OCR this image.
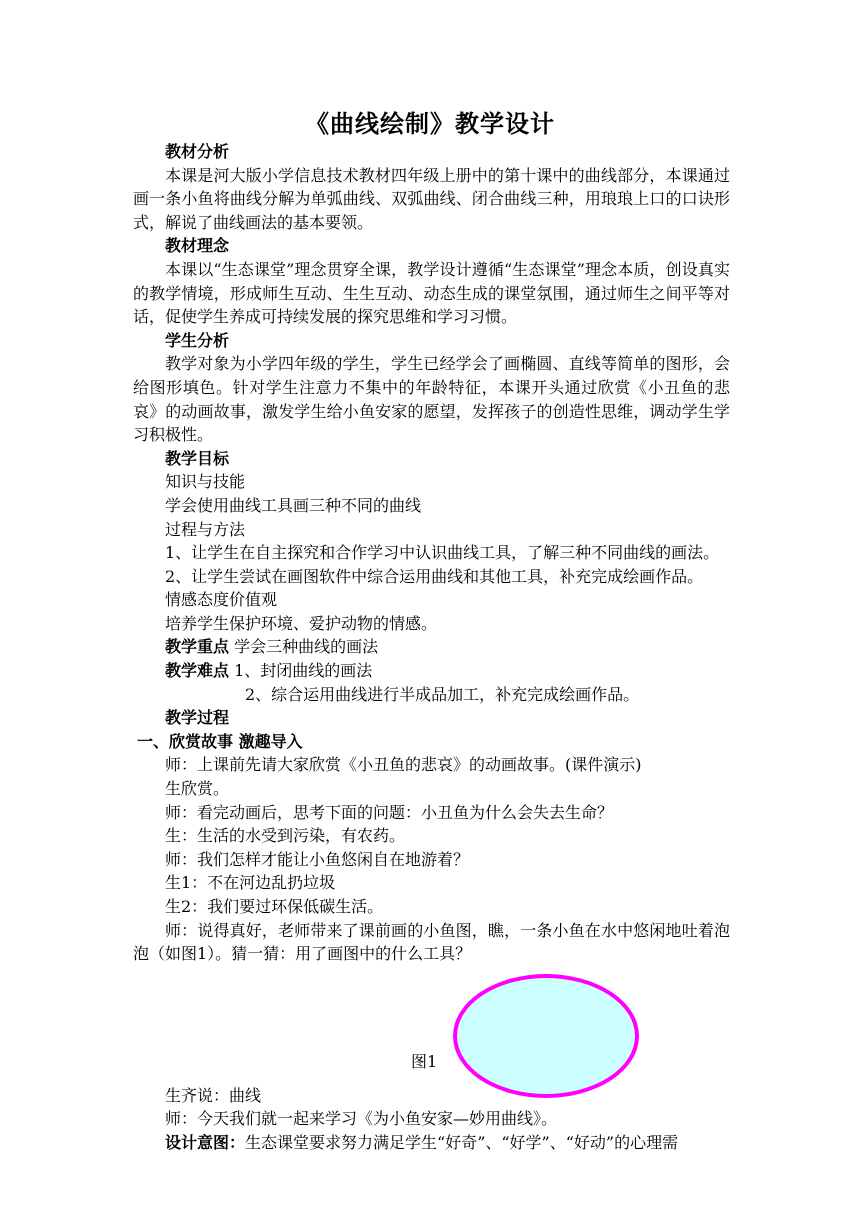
《曲线绘制》教学设计

教材分析

本课是河大版小学信息技术教材四年级上册中的第十课中的曲线部分，本课通过画一条小鱼将曲线分解为单弧曲线、双弧曲线、闭合曲线三种，用琅琅上口的口诀形式，解说了曲线画法的基本要领。

教材理念

本课以“生态课堂”理念贯穿全课，教学设计遵循“生态课堂”理念本质，创设真实的教学情境，形成师生互动、生生互动、动态生成的课堂氛围，通过师生之间平等对话，促使学生养成可持续发展的探究思维和学习习惯。

学生分析

教学对象为小学四年级的学生，学生已经学会了画椭圆、直线等简单的图形，会给图形填色。针对学生注意力不集中的年龄特征，本课开头通过欣赏《小丑鱼的悲哀》的动画故事，激发学生给小鱼安家的愿望，发挥孩子的创造性思维，调动学生学习积极性。

教学目标

知识与技能

学会使用曲线工具画三种不同的曲线

过程与方法

1、让学生在自主探究和合作学习中认识曲线工具，了解三种不同曲线的画法。

2、让学生尝试在画图软件中综合运用曲线和其他工具，补充完成绘画作品。

情感态度价值观

培养学生保护环境、爱护动物的情感。

教学重点 学会三种曲线的画法

教学难点 1、封闭曲线的画法

2、综合运用曲线进行半成品加工，补充完成绘画作品。

教学过程

一、欣赏故事 激趣导入

师：上课前先请大家欣赏《小丑鱼的悲哀》的动画故事。(课件演示)

生欣赏。

师：看完动画后，思考下面的问题：小丑鱼为什么会失去生命？

生：生活的水受到污染，有农药。

师：我们怎样才能让小鱼悠闲自在地游着？

生1：不在河边乱扔垃圾

生2：我们要过环保低碳生活。

师：说得真好，老师带来了课前画的小鱼图，瞧，一条小鱼在水中悠闲地吐着泡泡（如图1）。猜一猜：用了画图中的什么工具？

图1

生齐说：曲线

师：今天我们就一起来学习《为小鱼安家—妙用曲线》。

设计意图：生态课堂要求努力满足学生“好奇”、“好学”、“好动”的心理需
